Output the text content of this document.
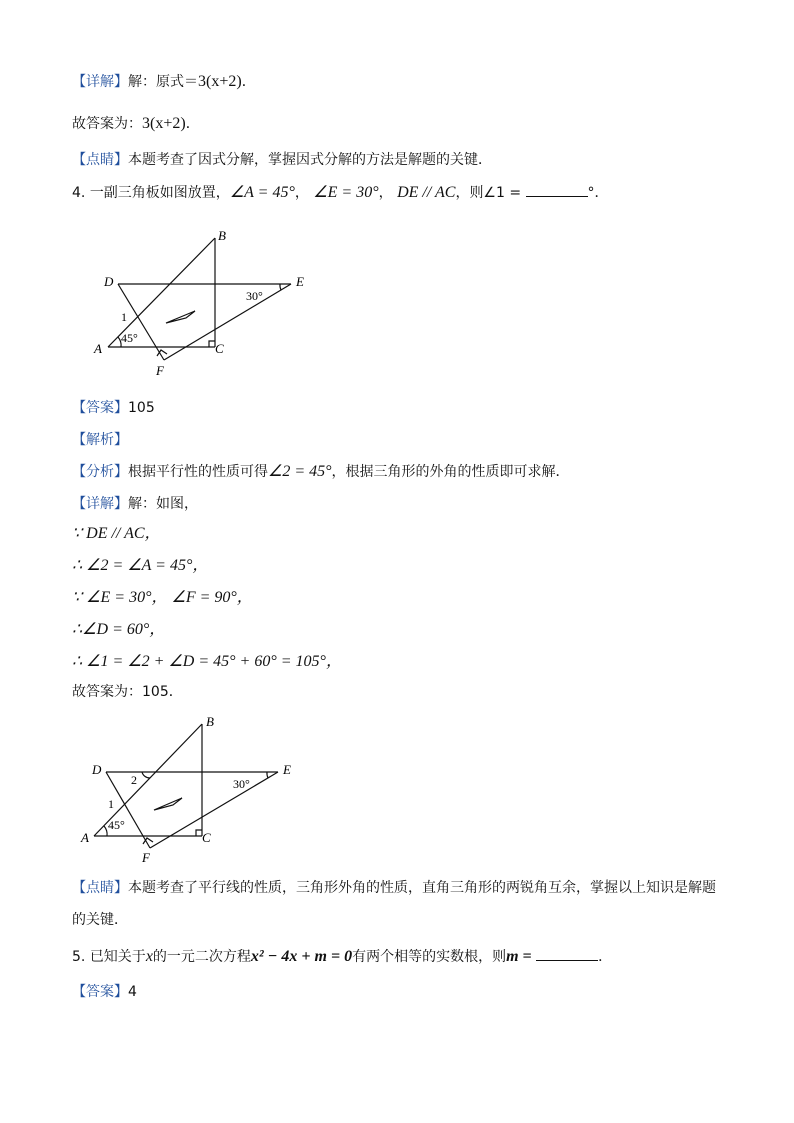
【详解】解：原式＝3(x+2)．
故答案为：3(x+2)．
【点睛】本题考查了因式分解，掌握因式分解的方法是解题的关键．
4. 一副三角板如图放置，∠A = 45°， ∠E = 30°， DE // AC，则∠1 =	°．
B
D	E
A	C
F
1
45°
30°
【答案】105
【解析】
【分析】根据平行性的性质可得∠2 = 45°，根据三角形的外角的性质即可求解．
【详解】解：如图，
∵ DE // AC，
∴ ∠2 = ∠A = 45°，
∵ ∠E = 30°， ∠F = 90°，
∴∠D = 60°，
∴ ∠1 = ∠2 + ∠D = 45° + 60° = 105°，
故答案为：105．
B
D	E
A	C
F
2
1
45°
30°
【点睛】本题考查了平行线的性质，三角形外角的性质，直角三角形的两锐角互余，掌握以上知识是解题
的关键．
5. 已知关于x的一元二次方程x² − 4x + m = 0有两个相等的实数根，则m =	．
【答案】4
